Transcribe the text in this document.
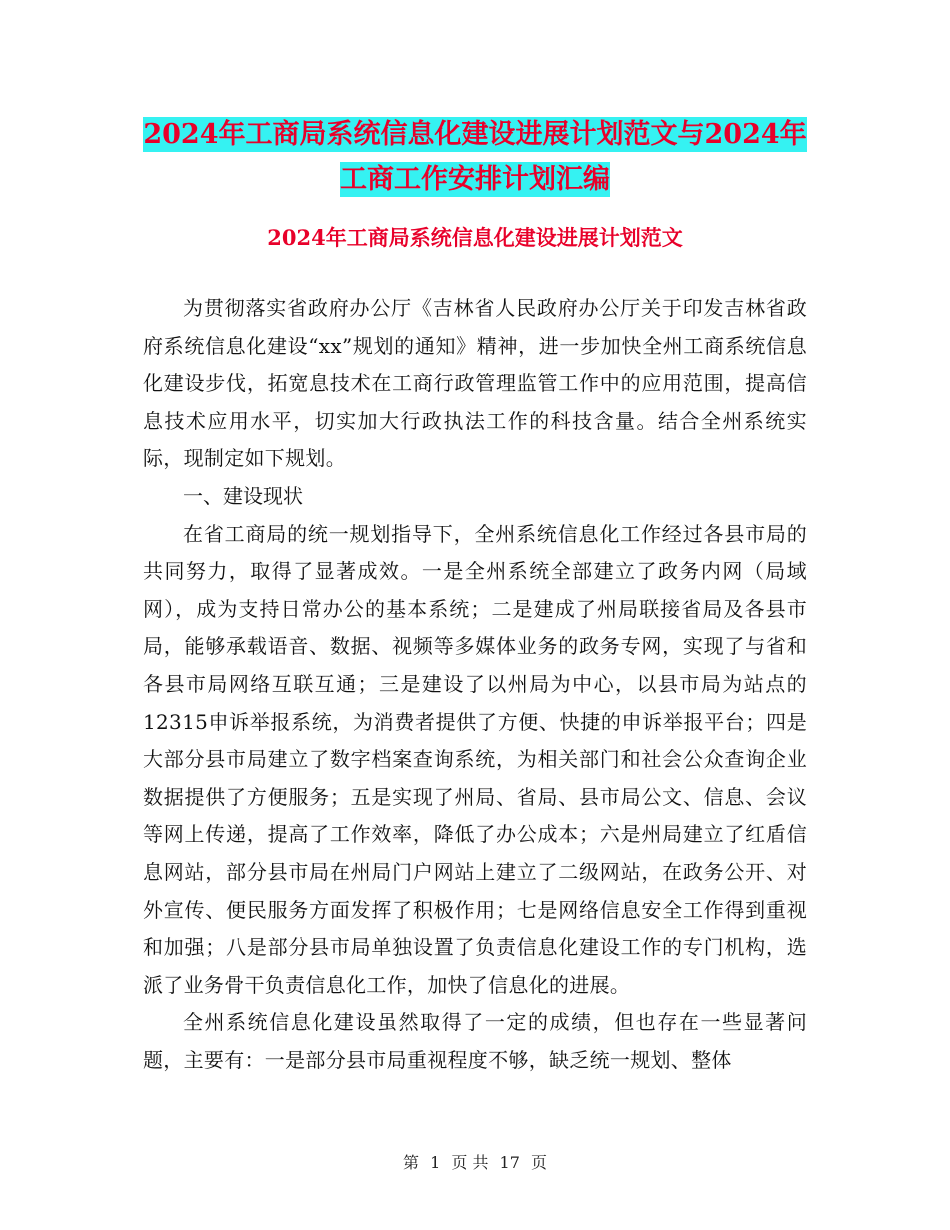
2024年工商局系统信息化建设进展计划范文与2024年工商工作安排计划汇编
2024年工商局系统信息化建设进展计划范文

为贯彻落实省政府办公厅《吉林省人民政府办公厅关于印发吉林省政府系统信息化建设“xx”规划的通知》精神，进一步加快全州工商系统信息化建设步伐，拓宽息技术在工商行政管理监管工作中的应用范围，提高信息技术应用水平，切实加大行政执法工作的科技含量。结合全州系统实际，现制定如下规划。

一、建设现状

在省工商局的统一规划指导下，全州系统信息化工作经过各县市局的共同努力，取得了显著成效。一是全州系统全部建立了政务内网（局域网），成为支持日常办公的基本系统；二是建成了州局联接省局及各县市局，能够承载语音、数据、视频等多媒体业务的政务专网，实现了与省和各县市局网络互联互通；三是建设了以州局为中心，以县市局为站点的12315申诉举报系统，为消费者提供了方便、快捷的申诉举报平台；四是大部分县市局建立了数字档案查询系统，为相关部门和社会公众查询企业数据提供了方便服务；五是实现了州局、省局、县市局公文、信息、会议等网上传递，提高了工作效率，降低了办公成本；六是州局建立了红盾信息网站，部分县市局在州局门户网站上建立了二级网站，在政务公开、对外宣传、便民服务方面发挥了积极作用；七是网络信息安全工作得到重视和加强；八是部分县市局单独设置了负责信息化建设工作的专门机构，选派了业务骨干负责信息化工作，加快了信息化的进展。

全州系统信息化建设虽然取得了一定的成绩，但也存在一些显著问题，主要有：一是部分县市局重视程度不够，缺乏统一规划、整体

第 1 页 共 17 页
